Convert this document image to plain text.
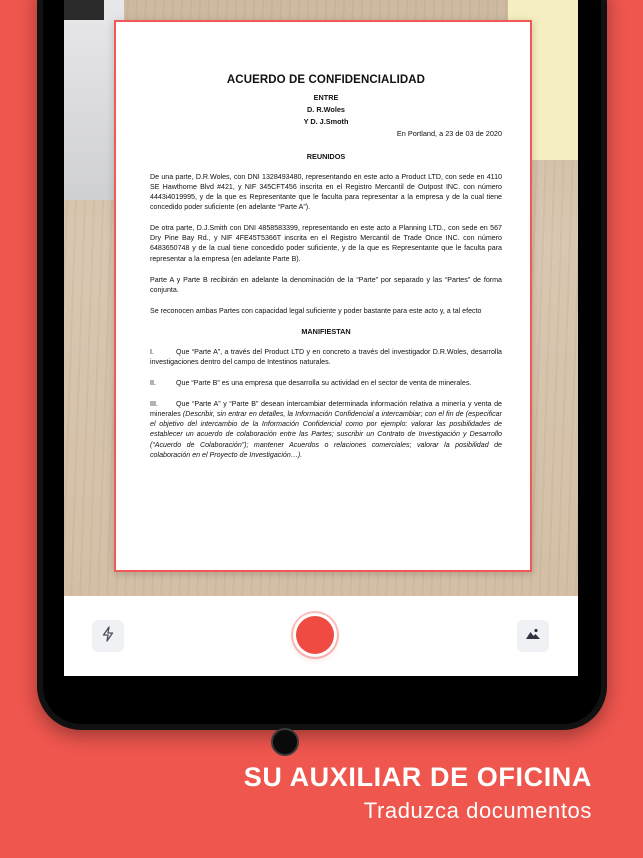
ACUERDO DE CONFIDENCIALIDAD
ENTRE
D. R.Woles
Y D. J.Smoth
En Portland, a 23 de 03 de 2020
REUNIDOS

De una parte, D.R.Woles, con DNI 1328493480, representando en este acto a Product LTD, con sede en 4110 SE Hawthorne Blvd #421, y NIF 345CFT456 inscrita en el Registro Mercantil de Outpost INC. con número 4443i4019995, y de la que es Representante que le faculta para representar a la empresa y de la cual tiene concedido poder suficiente (en adelante “Parte A”).

De otra parte, D.J.Smith con DNI 4858583399, representando en este acto a Planning LTD., con sede en 567 Dry Pine Bay Rd., y NIF 4FE45T5366T inscrita en el Registro Mercantil de Trade Once INC. con número 6483650748 y de la cual tiene concedido poder suficiente, y de la que es Representante que le faculta para representar a la empresa (en adelante Parte B).

Parte A y Parte B recibirán en adelante la denominación de la “Parte” por separado y las “Partes” de forma conjunta.

Se reconocen ambas Partes con capacidad legal suficiente y poder bastante para este acto y, a tal efecto

MANIFIESTAN

I.	Que “Parte A”, a través del Product LTD y en concreto a través del investigador D.R.Woles, desarrolla investigaciones dentro del campo de Intestinos naturales.

II.	Que “Parte B” es una empresa que desarrolla su actividad en el sector de venta de minerales.

III.	Que “Parte A” y “Parte B” desean intercambiar determinada información relativa a minería y venta de minerales (Describir, sin entrar en detalles, la Información Confidencial a intercambiar; con el fin de (especificar el objetivo del intercambio de la Información Confidencial como por ejemplo: valorar las posibilidades de establecer un acuerdo de colaboración entre las Partes; suscribir un Contrato de Investigación y Desarrollo (“Acuerdo de Colaboración”); mantener Acuerdos o relaciones comerciales; valorar la posibilidad de colaboración en el Proyecto de Investigación…).

SU AUXILIAR DE OFICINA
Traduzca documentos
